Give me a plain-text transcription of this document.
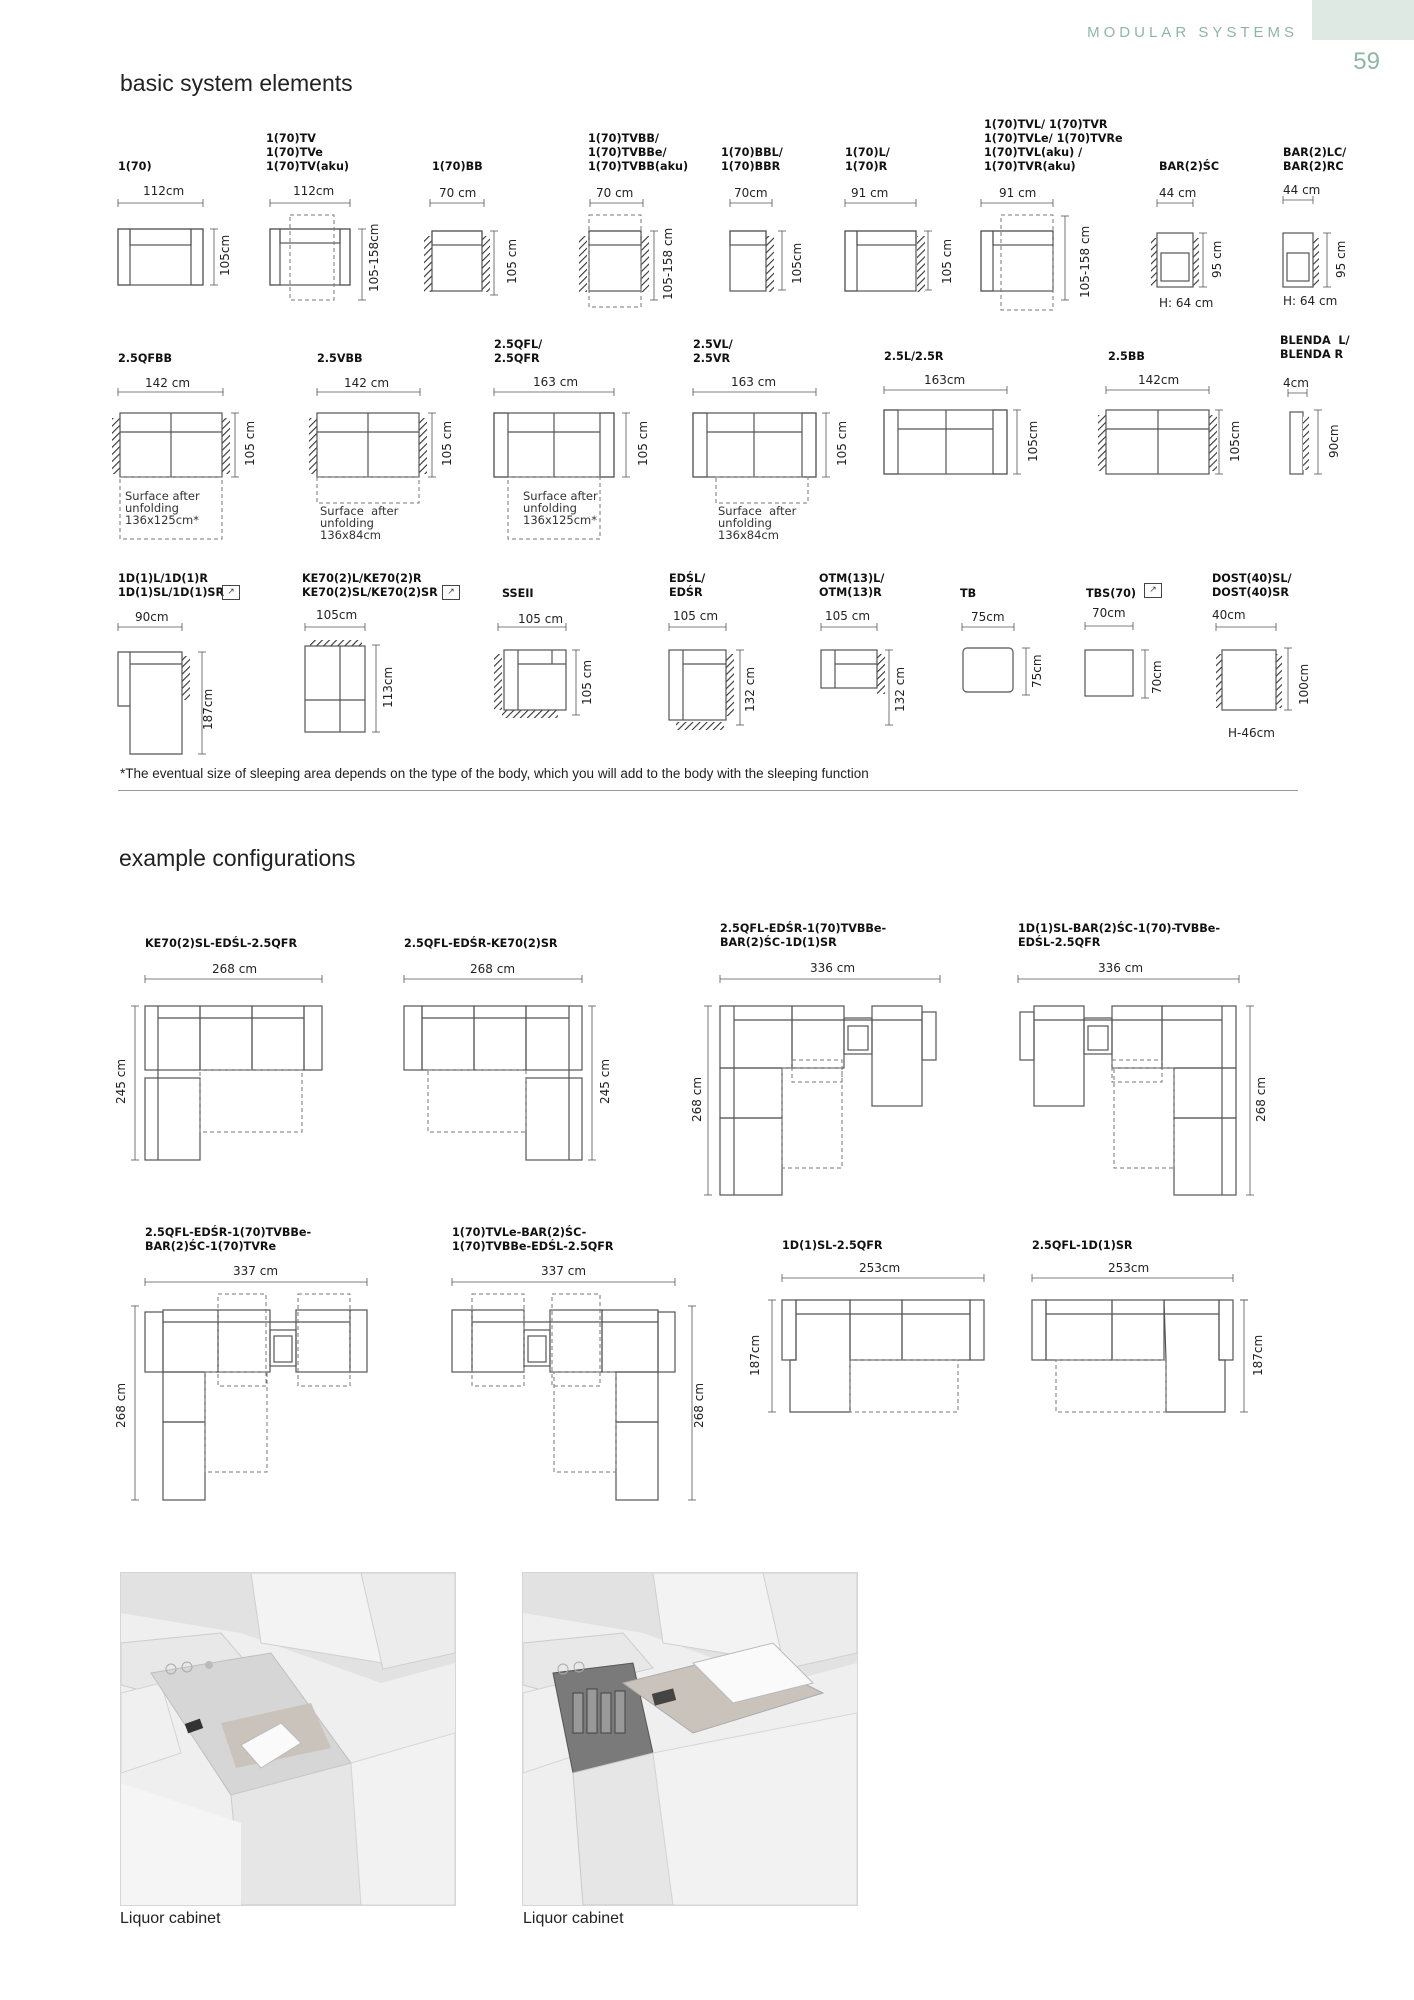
MODULAR SYSTEMS
59
basic system elements
1(70)
1(70)TV
1(70)TVe
1(70)TV(aku)	1(70)BB
1(70)TVBB/
1(70)TVBBe/
1(70)TVBB(aku)
1(70)BBL/
1(70)BBR
1(70)L/
1(70)R
1(70)TVL/ 1(70)TVR
1(70)TVLe/ 1(70)TVRe
1(70)TVL(aku) /
1(70)TVR(aku)	BAR(2)ŚC
BAR(2)LC/
BAR(2)RC
112cm	112cm	70 cm	70 cm	70cm	91 cm	91 cm	44 cm	44 cm
105cm	105-158cm	105 cm	105-158 cm	105cm	105 cm	105-158 cm	95 cm	95 cm
H: 64 cm	H: 64 cm
2.5QFBB	2.5VBB
2.5QFL/
2.5QFR
2.5VL/
2.5VR	2.5L/2.5R	2.5BB
BLENDA  L/
BLENDA R
142 cm	142 cm	163 cm	163 cm	163cm	142cm	4cm
105 cm	105 cm	105 cm	105 cm	105cm	105cm	90cm
Surface after
unfolding
136x125cm*
Surface  after
unfolding
136x84cm
Surface after
unfolding
136x125cm*
Surface  after
unfolding
136x84cm
1D(1)L/1D(1)R
1D(1)SL/1D(1)SR ↗
KE70(2)L/KE70(2)R
KE70(2)SL/KE70(2)SR	↗	SSEII
EDŚL/
EDŚR
OTM(13)L/
OTM(13)R	TB	TBS(70)	↗
DOST(40)SL/
DOST(40)SR
90cm	105cm	105 cm	105 cm	105 cm	75cm	70cm	40cm
187cm
113cm	105 cm	132 cm	132 cm	75cm	70cm	100cm
H-46cm
*The eventual size of sleeping area depends on the type of the body, which you will add to the body with the sleeping function
example configurations
KE70(2)SL-EDŚL-2.5QFR	2.5QFL-EDŚR-KE70(2)SR
2.5QFL-EDŚR-1(70)TVBBe-
BAR(2)ŚC-1D(1)SR
1D(1)SL-BAR(2)ŚC-1(70)-TVBBe-
EDŚL-2.5QFR
2.5QFL-EDŚR-1(70)TVBBe-
BAR(2)ŚC-1(70)TVRe
1(70)TVLe-BAR(2)ŚC-
1(70)TVBBe-EDŚL-2.5QFR	1D(1)SL-2.5QFR	2.5QFL-1D(1)SR
268 cm	268 cm	336 cm	336 cm
337 cm	337 cm	253cm	253cm
245 cm	245 cm	268 cm	268 cm
268 cm	268 cm
187cm	187cm
Liquor cabinet	Liquor cabinet
